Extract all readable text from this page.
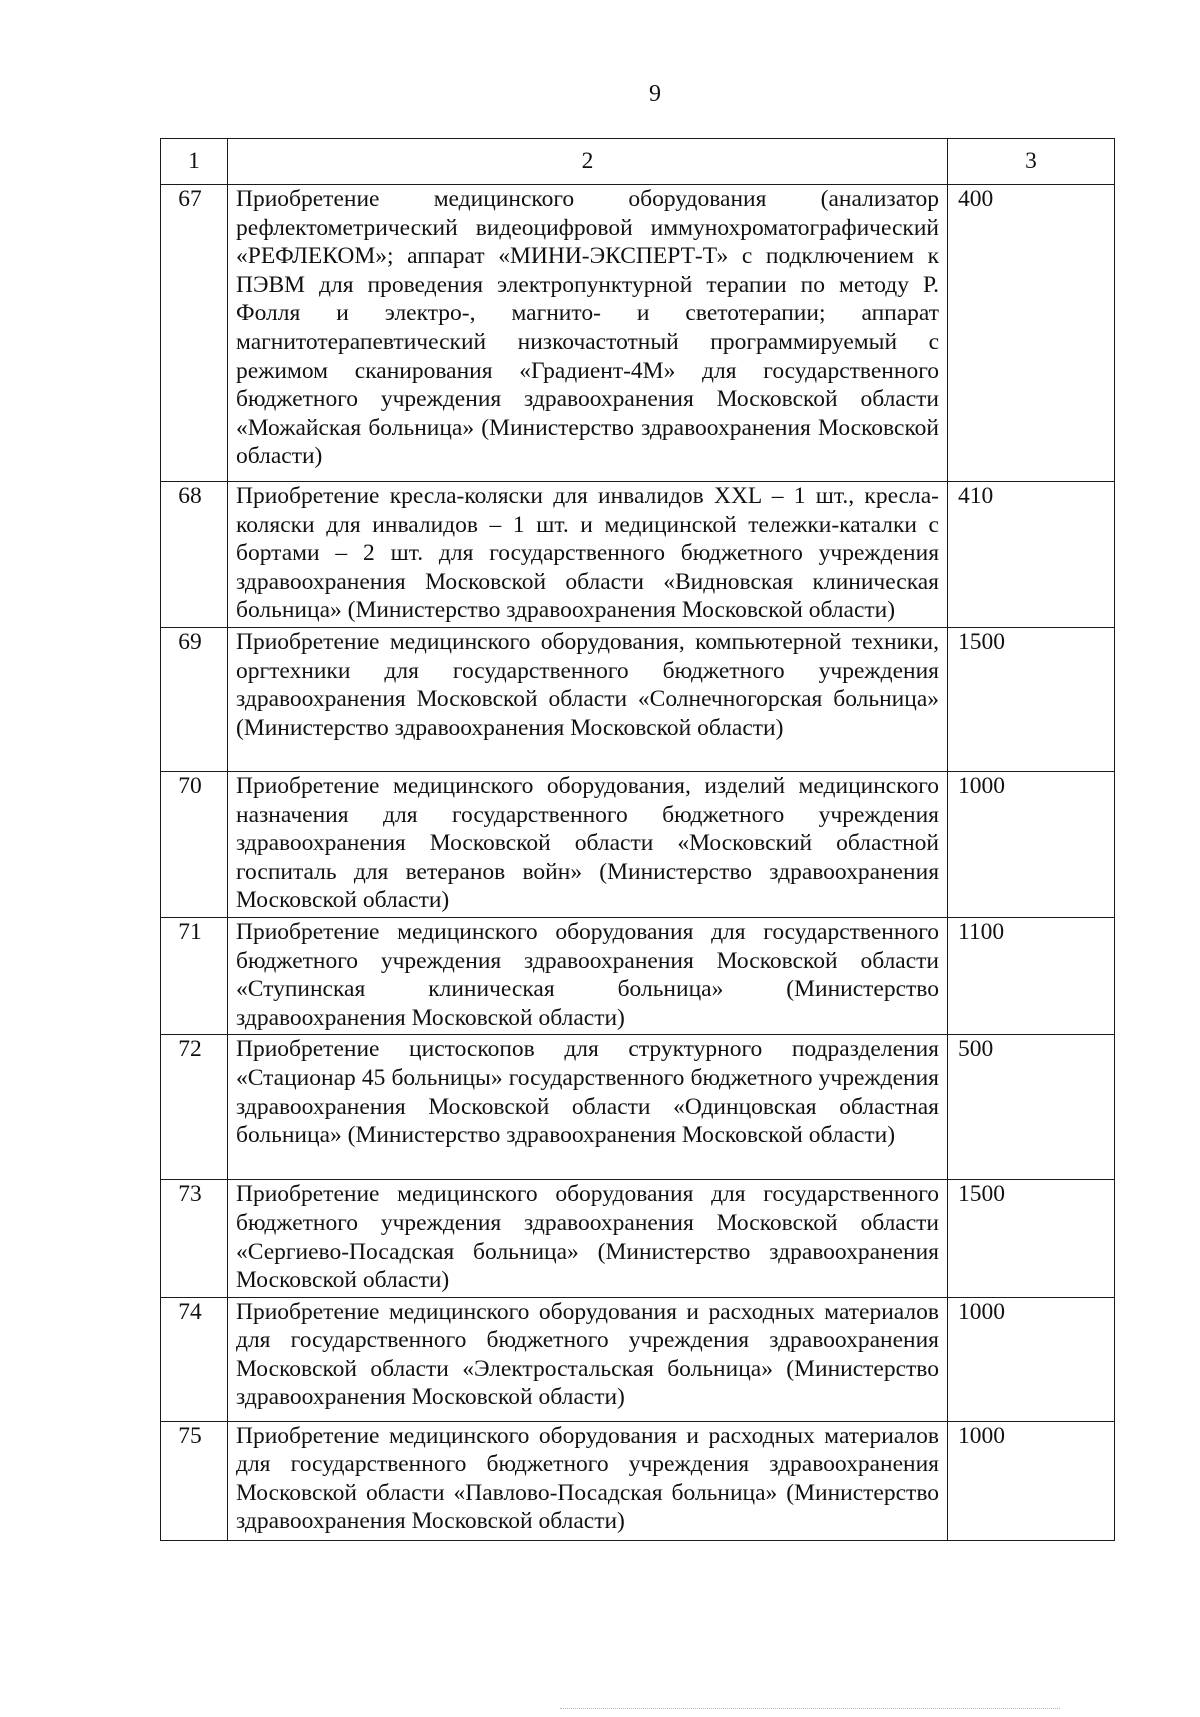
9
1	2	3
67	Приобретение медицинского оборудования (анализатор рефлектометрический видеоцифровой иммунохроматографический «РЕФЛЕКОМ»; аппарат «МИНИ-ЭКСПЕРТ-Т» с подключением к ПЭВМ для проведения электропунктурной терапии по методу Р. Фолля и электро-, магнито- и светотерапии; аппарат магнитотерапевтический низкочастотный программируемый с режимом сканирования «Градиент-4М» для государственного бюджетного учреждения здравоохранения Московской области «Можайская больница» (Министерство здравоохранения Московской области)	400
68	Приобретение кресла-коляски для инвалидов XXL – 1 шт., кресла-коляски для инвалидов – 1 шт. и медицинской тележки-каталки с бортами – 2 шт. для государственного бюджетного учреждения здравоохранения Московской области «Видновская клиническая больница» (Министерство здравоохранения Московской области)	410
69	Приобретение медицинского оборудования, компьютерной техники, оргтехники для государственного бюджетного учреждения здравоохранения Московской области «Солнечногорская больница» (Министерство здравоохранения Московской области)	1500
70	Приобретение медицинского оборудования, изделий медицинского назначения для государственного бюджетного учреждения здравоохранения Московской области «Московский областной госпиталь для ветеранов войн» (Министерство здравоохранения Московской области)	1000
71	Приобретение медицинского оборудования для государственного бюджетного учреждения здравоохранения Московской области «Ступинская клиническая больница» (Министерство здравоохранения Московской области)	1100
72	Приобретение цистоскопов для структурного подразделения «Стационар 45 больницы» государственного бюджетного учреждения здравоохранения Московской области «Одинцовская областная больница» (Министерство здравоохранения Московской области)	500
73	Приобретение медицинского оборудования для государственного бюджетного учреждения здравоохранения Московской области «Сергиево-Посадская больница» (Министерство здравоохранения Московской области)	1500
74	Приобретение медицинского оборудования и расходных материалов для государственного бюджетного учреждения здравоохранения Московской области «Электростальская больница» (Министерство здравоохранения Московской области)	1000
75	Приобретение медицинского оборудования и расходных материалов для государственного бюджетного учреждения здравоохранения Московской области «Павлово-Посадская больница» (Министерство здравоохранения Московской области)	1000
